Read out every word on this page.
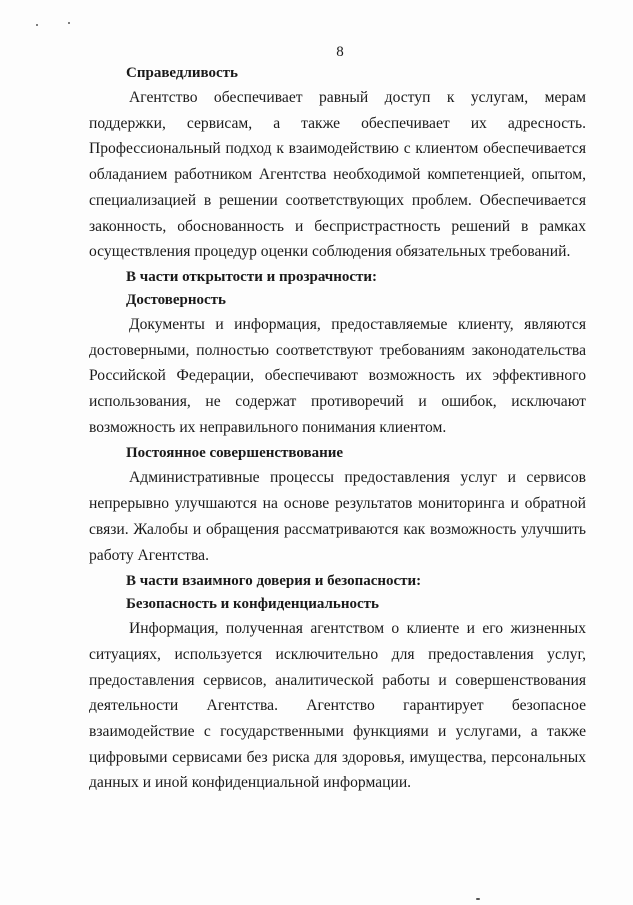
8

Справедливость

Агентство обеспечивает равный доступ к услугам, мерам поддержки, сервисам, а также обеспечивает их адресность. Профессиональный подход к взаимодействию с клиентом обеспечивается обладанием работником Агентства необходимой компетенцией, опытом, специализацией в решении соответствующих проблем. Обеспечивается законность, обоснованность и беспристрастность решений в рамках осуществления процедур оценки соблюдения обязательных требований.

В части открытости и прозрачности:

Достоверность

Документы и информация, предоставляемые клиенту, являются достоверными, полностью соответствуют требованиям законодательства Российской Федерации, обеспечивают возможность их эффективного использования, не содержат противоречий и ошибок, исключают возможность их неправильного понимания клиентом.

Постоянное совершенствование

Административные процессы предоставления услуг и сервисов непрерывно улучшаются на основе результатов мониторинга и обратной связи. Жалобы и обращения рассматриваются как возможность улучшить работу Агентства.

В части взаимного доверия и безопасности:

Безопасность и конфиденциальность

Информация, полученная агентством о клиенте и его жизненных ситуациях, используется исключительно для предоставления услуг, предоставления сервисов, аналитической работы и совершенствования деятельности Агентства. Агентство гарантирует безопасное взаимодействие с государственными функциями и услугами, а также цифровыми сервисами без риска для здоровья, имущества, персональных данных и иной конфиденциальной информации.
